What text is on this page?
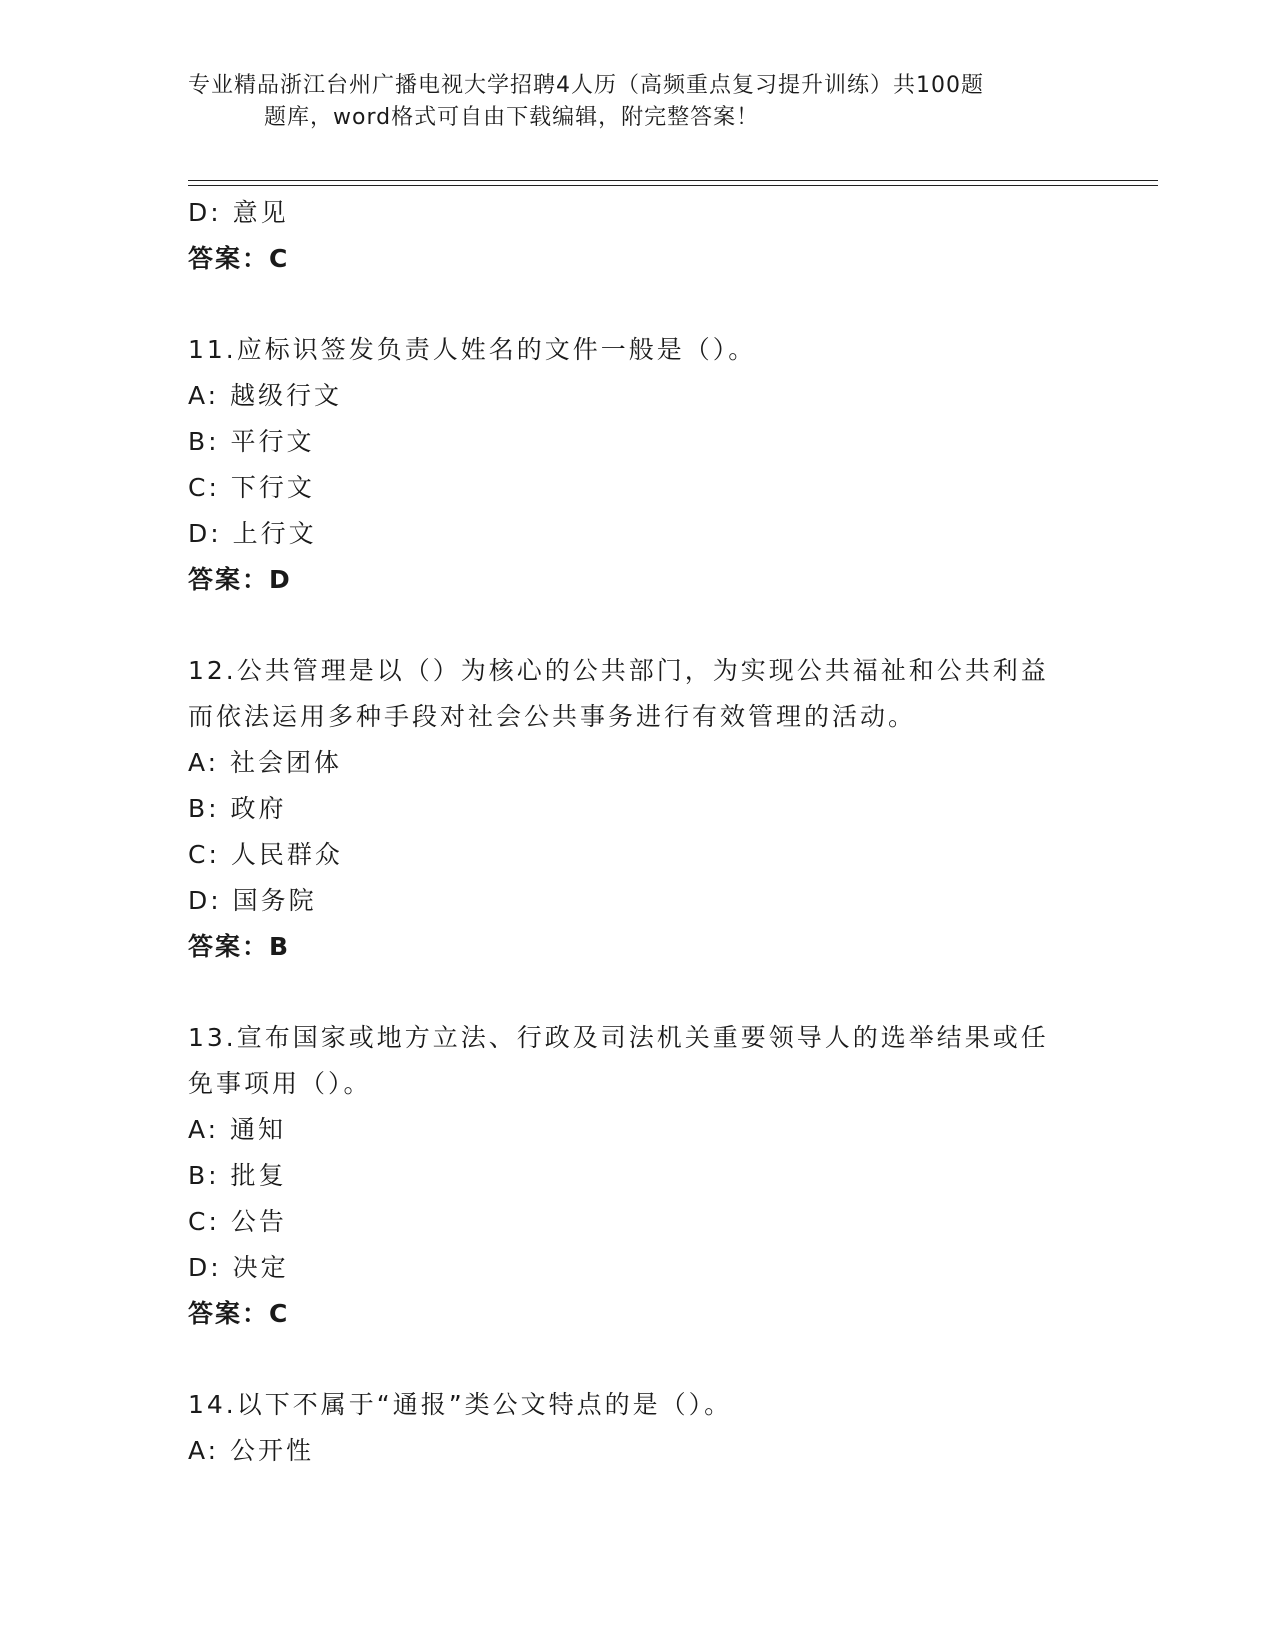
专业精品浙江台州广播电视大学招聘4人历（高频重点复习提升训练）共100题
题库，word格式可自由下载编辑，附完整答案！
D: 意见
答案：C
11.应标识签发负责人姓名的文件一般是（）。
A: 越级行文
B: 平行文
C: 下行文
D: 上行文
答案：D
12.公共管理是以（）为核心的公共部门，为实现公共福祉和公共利益
而依法运用多种手段对社会公共事务进行有效管理的活动。
A: 社会团体
B: 政府
C: 人民群众
D: 国务院
答案：B
13.宣布国家或地方立法、行政及司法机关重要领导人的选举结果或任
免事项用（）。
A: 通知
B: 批复
C: 公告
D: 决定
答案：C
14.以下不属于“通报”类公文特点的是（）。
A: 公开性
